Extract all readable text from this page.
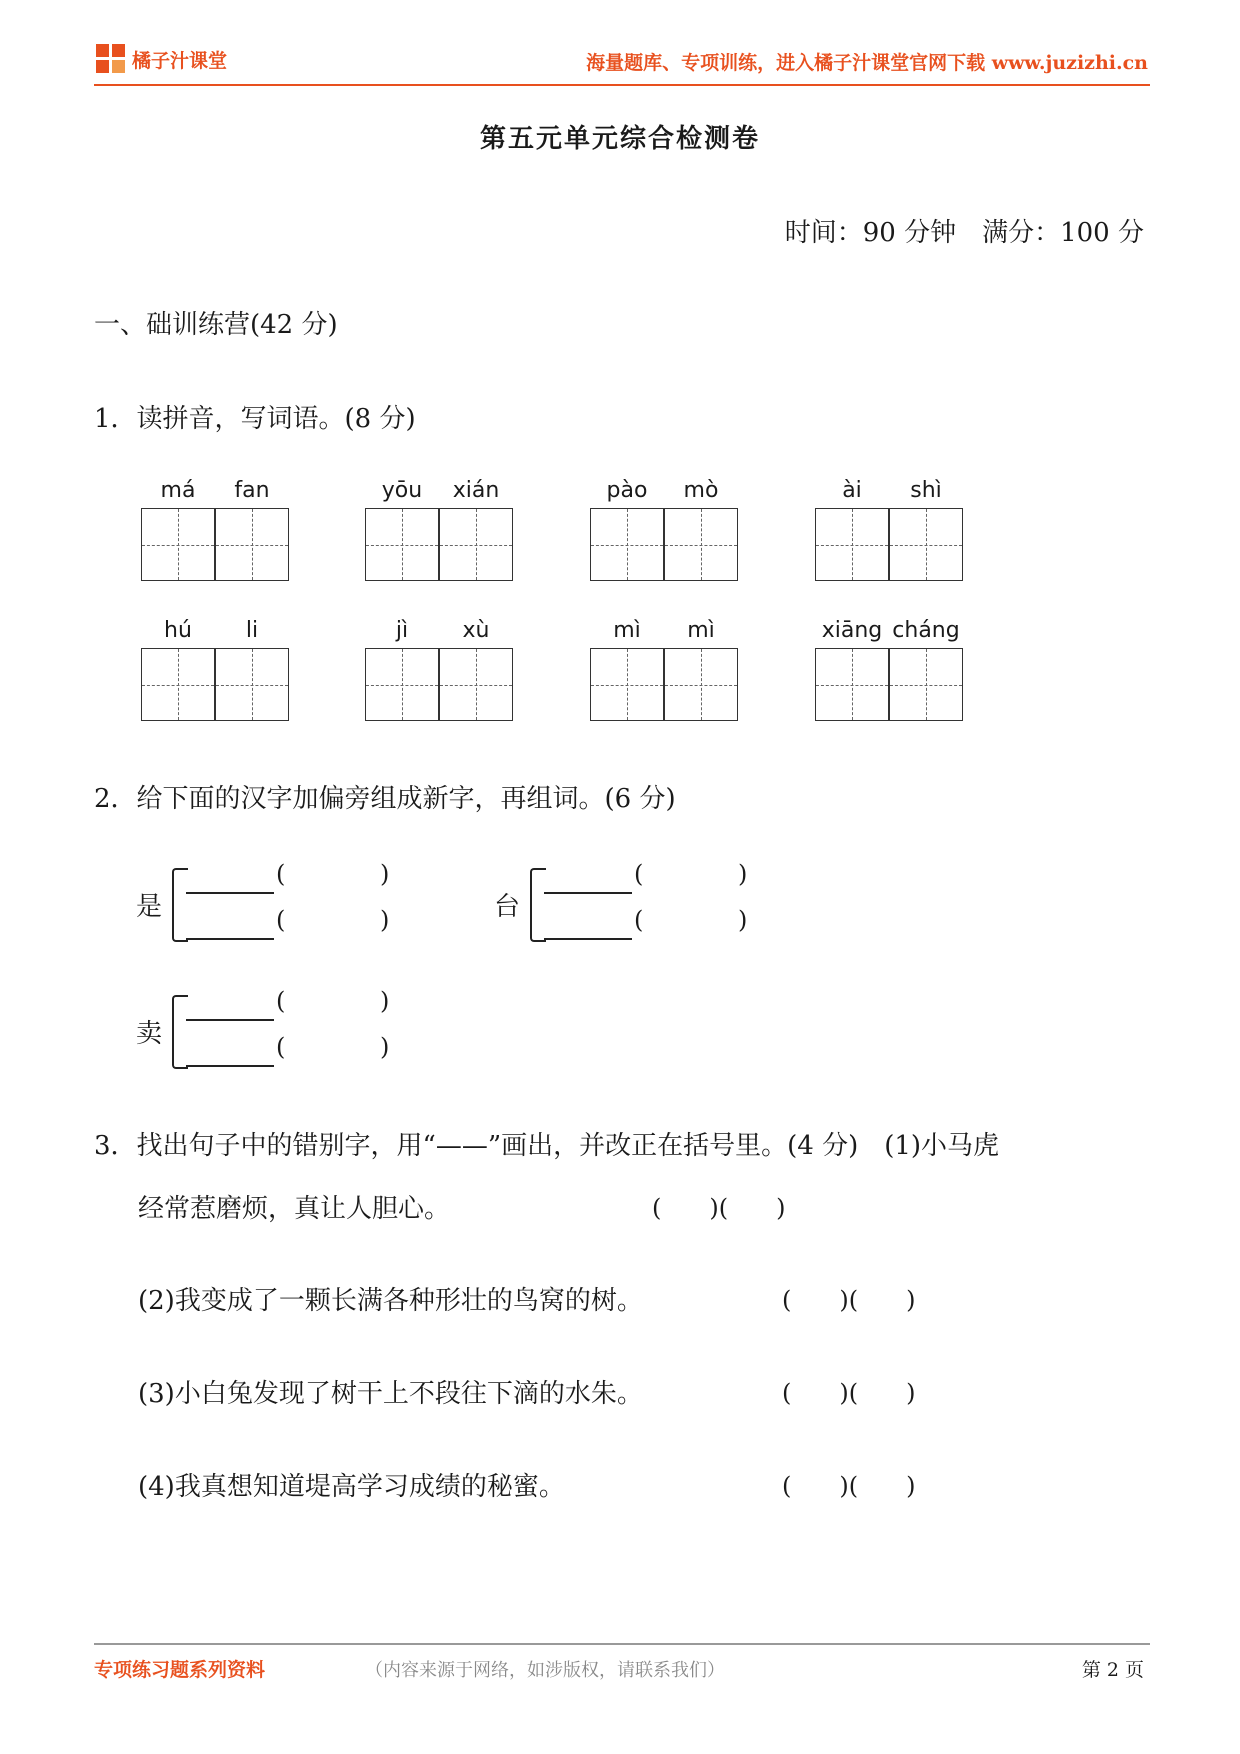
橘子汁课堂	海量题库、专项训练，进入橘子汁课堂官网下载 www.juzizhi.cn
第五元单元综合检测卷
时间：90 分钟　满分：100 分
一、础训练营(42 分)
1．读拼音，写词语。(8 分)
má	fan	yōu	xián	pào	mò	ài	shì
hú	li	jì	xù	mì	mì	xiāng cháng
2．给下面的汉字加偏旁组成新字，再组词。(6 分)
是
(	)
(	)	台
(	)
(	)
卖
(	)
(	)
3．找出句子中的错别字，用“——”画出，并改正在括号里。(4 分)　(1)小马虎
经常惹磨烦，真让人胆心。	(　　)(　　)
(2)我变成了一颗长满各种形壮的鸟窝的树。	(　　)(　　)
(3)小白兔发现了树干上不段往下滴的水朱。	(　　)(　　)
(4)我真想知道堤高学习成绩的秘蜜。	(　　)(　　)
专项练习题系列资料	（内容来源于网络，如涉版权，请联系我们）	第 2 页
